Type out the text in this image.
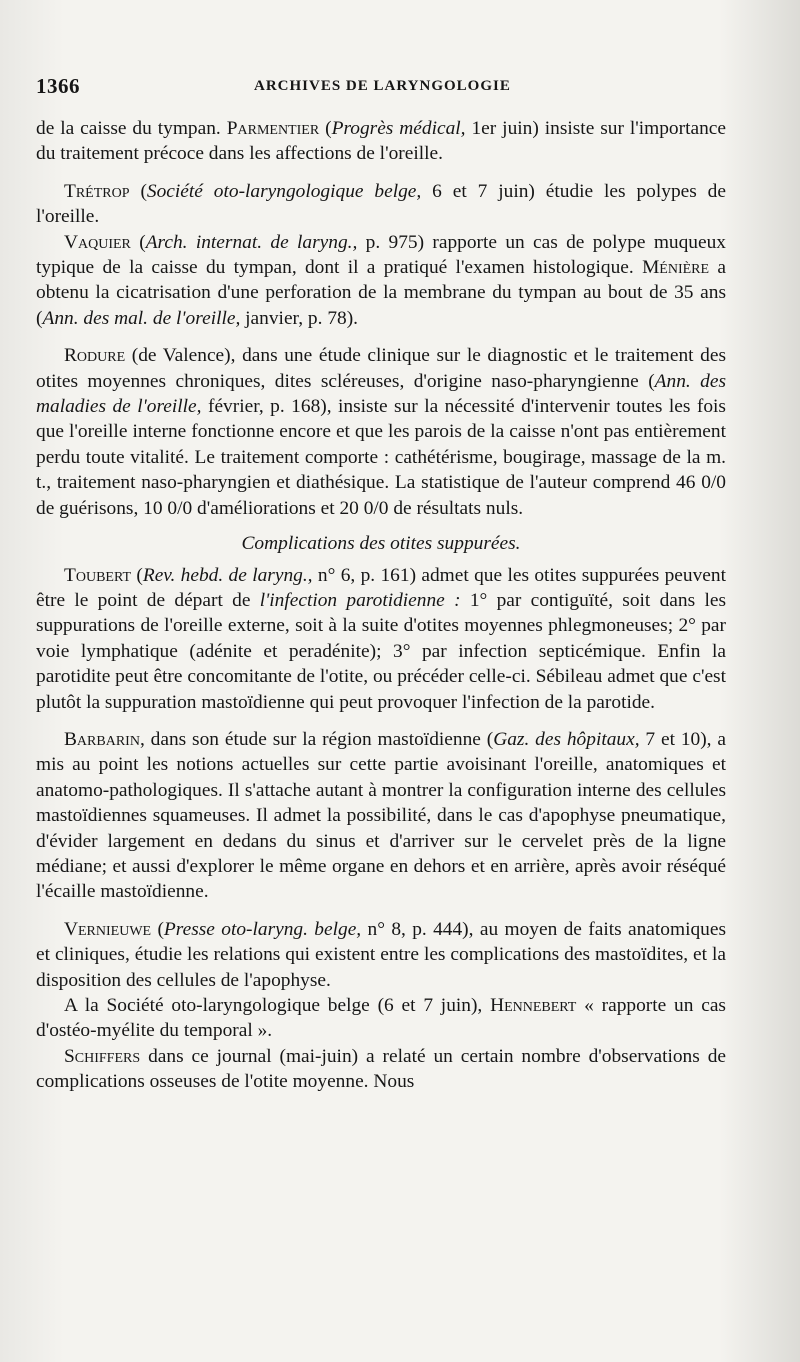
1366	ARCHIVES DE LARYNGOLOGIE

de la caisse du tympan. Parmentier (Progrès médical, 1er juin) insiste sur l'importance du traitement précoce dans les affections de l'oreille.

Trétrop (Société oto-laryngologique belge, 6 et 7 juin) étudie les polypes de l'oreille.

Vaquier (Arch. internat. de laryng., p. 975) rapporte un cas de polype muqueux typique de la caisse du tympan, dont il a pratiqué l'examen histologique. Ménière a obtenu la cicatrisation d'une perforation de la membrane du tympan au bout de 35 ans (Ann. des mal. de l'oreille, janvier, p. 78).

Rodure (de Valence), dans une étude clinique sur le diagnostic et le traitement des otites moyennes chroniques, dites scléreuses, d'origine naso-pharyngienne (Ann. des maladies de l'oreille, février, p. 168), insiste sur la nécessité d'intervenir toutes les fois que l'oreille interne fonctionne encore et que les parois de la caisse n'ont pas entièrement perdu toute vitalité. Le traitement comporte : cathétérisme, bougirage, massage de la m. t., traitement naso-pharyngien et diathésique. La statistique de l'auteur comprend 46 0/0 de guérisons, 10 0/0 d'améliorations et 20 0/0 de résultats nuls.

Complications des otites suppurées.

Toubert (Rev. hebd. de laryng., n° 6, p. 161) admet que les otites suppurées peuvent être le point de départ de l'infection parotidienne : 1° par contiguïté, soit dans les suppurations de l'oreille externe, soit à la suite d'otites moyennes phlegmoneuses; 2° par voie lymphatique (adénite et peradénite); 3° par infection septicémique. Enfin la parotidite peut être concomitante de l'otite, ou précéder celle-ci. Sébileau admet que c'est plutôt la suppuration mastoïdienne qui peut provoquer l'infection de la parotide.

Barbarin, dans son étude sur la région mastoïdienne (Gaz. des hôpitaux, 7 et 10), a mis au point les notions actuelles sur cette partie avoisinant l'oreille, anatomiques et anatomo-pathologiques. Il s'attache autant à montrer la configuration interne des cellules mastoïdiennes squameuses. Il admet la possibilité, dans le cas d'apophyse pneumatique, d'évider largement en dedans du sinus et d'arriver sur le cervelet près de la ligne médiane; et aussi d'explorer le même organe en dehors et en arrière, après avoir réséqué l'écaille mastoïdienne.

Vernieuwe (Presse oto-laryng. belge, n° 8, p. 444), au moyen de faits anatomiques et cliniques, étudie les relations qui existent entre les complications des mastoïdites, et la disposition des cellules de l'apophyse.

A la Société oto-laryngologique belge (6 et 7 juin), Hennebert « rapporte un cas d'ostéo-myélite du temporal ».

Schiffers dans ce journal (mai-juin) a relaté un certain nombre d'observations de complications osseuses de l'otite moyenne. Nous
